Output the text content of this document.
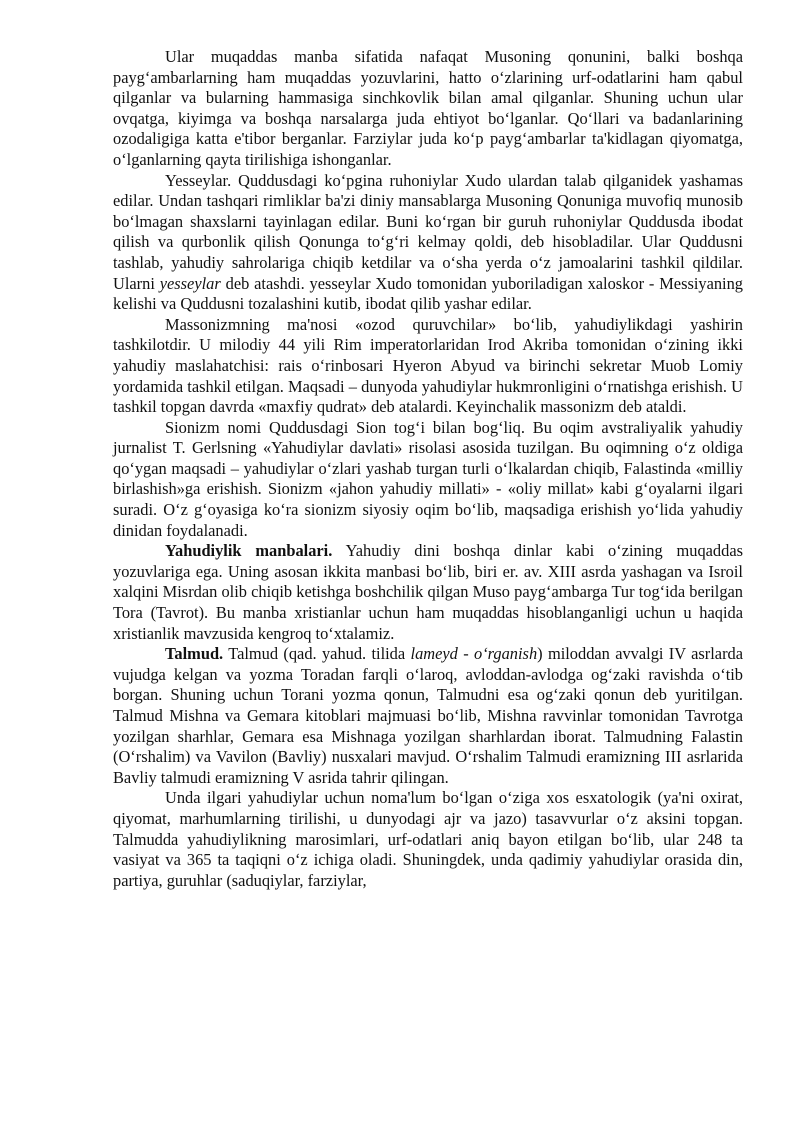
Ular muqaddas manba sifatida nafaqat Musoning qonunini, balki boshqa payg‘ambarlarning ham muqaddas yozuvlarini, hatto o‘zlarining urf-odatlarini ham qabul qilganlar va bularning hammasiga sinchkovlik bilan amal qilganlar. Shuning uchun ular ovqatga, kiyimga va boshqa narsalarga juda ehtiyot bo‘lganlar. Qo‘llari va badanlarining ozodaligiga katta e'tibor berganlar. Farziylar juda ko‘p payg‘ambarlar ta'kidlagan qiyomatga, o‘lganlarning qayta tirilishiga ishonganlar.

Yesseylar. Quddusdagi ko‘pgina ruhoniylar Xudo ulardan talab qilganidek yashamas edilar. Undan tashqari rimliklar ba'zi diniy mansablarga Musoning Qonuniga muvofiq munosib bo‘lmagan shaxslarni tayinlagan edilar. Buni ko‘rgan bir guruh ruhoniylar Quddusda ibodat qilish va qurbonlik qilish Qonunga to‘g‘ri kelmay qoldi, deb hisobladilar. Ular Quddusni tashlab, yahudiy sahrolariga chiqib ketdilar va o‘sha yerda o‘z jamoalarini tashkil qildilar. Ularni yesseylar deb atashdi. yesseylar Xudo tomonidan yuboriladigan xaloskor - Messiyaning kelishi va Quddusni tozalashini kutib, ibodat qilib yashar edilar.

Massonizmning ma'nosi «ozod quruvchilar» bo‘lib, yahudiylikdagi yashirin tashkilotdir. U milodiy 44 yili Rim imperatorlaridan Irod Akriba tomonidan o‘zining ikki yahudiy maslahatchisi: rais o‘rinbosari Hyeron Abyud va birinchi sekretar Muob Lomiy yordamida tashkil etilgan. Maqsadi – dunyoda yahudiylar hukmronligini o‘rnatishga erishish. U tashkil topgan davrda «maxfiy qudrat» deb atalardi. Keyinchalik massonizm deb ataldi.

Sionizm nomi Quddusdagi Sion tog‘i bilan bog‘liq. Bu oqim avstraliyalik yahudiy jurnalist T. Gerlsning «Yahudiylar davlati» risolasi asosida tuzilgan. Bu oqimning o‘z oldiga qo‘ygan maqsadi – yahudiylar o‘zlari yashab turgan turli o‘lkalardan chiqib, Falastinda «milliy birlashish»ga erishish. Sionizm «jahon yahudiy millati» - «oliy millat» kabi g‘oyalarni ilgari suradi. O‘z g‘oyasiga ko‘ra sionizm siyosiy oqim bo‘lib, maqsadiga erishish yo‘lida yahudiy dinidan foydalanadi.

Yahudiylik manbalari. Yahudiy dini boshqa dinlar kabi o‘zining muqaddas yozuvlariga ega. Uning asosan ikkita manbasi bo‘lib, biri er. av. XIII asrda yashagan va Isroil xalqini Misrdan olib chiqib ketishga boshchilik qilgan Muso payg‘ambarga Tur tog‘ida berilgan Tora (Tavrot). Bu manba xristianlar uchun ham muqaddas hisoblanganligi uchun u haqida xristianlik mavzusida kengroq to‘xtalamiz.

Talmud. Talmud (qad. yahud. tilida lameyd - o‘rganish) miloddan avvalgi IV asrlarda vujudga kelgan va yozma Toradan farqli o‘laroq, avloddan-avlodga og‘zaki ravishda o‘tib borgan. Shuning uchun Torani yozma qonun, Talmudni esa og‘zaki qonun deb yuritilgan. Talmud Mishna va Gemara kitoblari majmuasi bo‘lib, Mishna ravvinlar tomonidan Tavrotga yozilgan sharhlar, Gemara esa Mishnaga yozilgan sharhlardan iborat. Talmudning Falastin (O‘rshalim) va Vavilon (Bavliy) nusxalari mavjud. O‘rshalim Talmudi eramizning III asrlarida Bavliy talmudi eramizning V asrida tahrir qilingan.

Unda ilgari yahudiylar uchun noma'lum bo‘lgan o‘ziga xos esxatologik (ya'ni oxirat, qiyomat, marhumlarning tirilishi, u dunyodagi ajr va jazo) tasavvurlar o‘z aksini topgan. Talmudda yahudiylikning marosimlari, urf-odatlari aniq bayon etilgan bo‘lib, ular 248 ta vasiyat va 365 ta taqiqni o‘z ichiga oladi. Shuningdek, unda qadimiy yahudiylar orasida din, partiya, guruhlar (saduqiylar, farziylar,
